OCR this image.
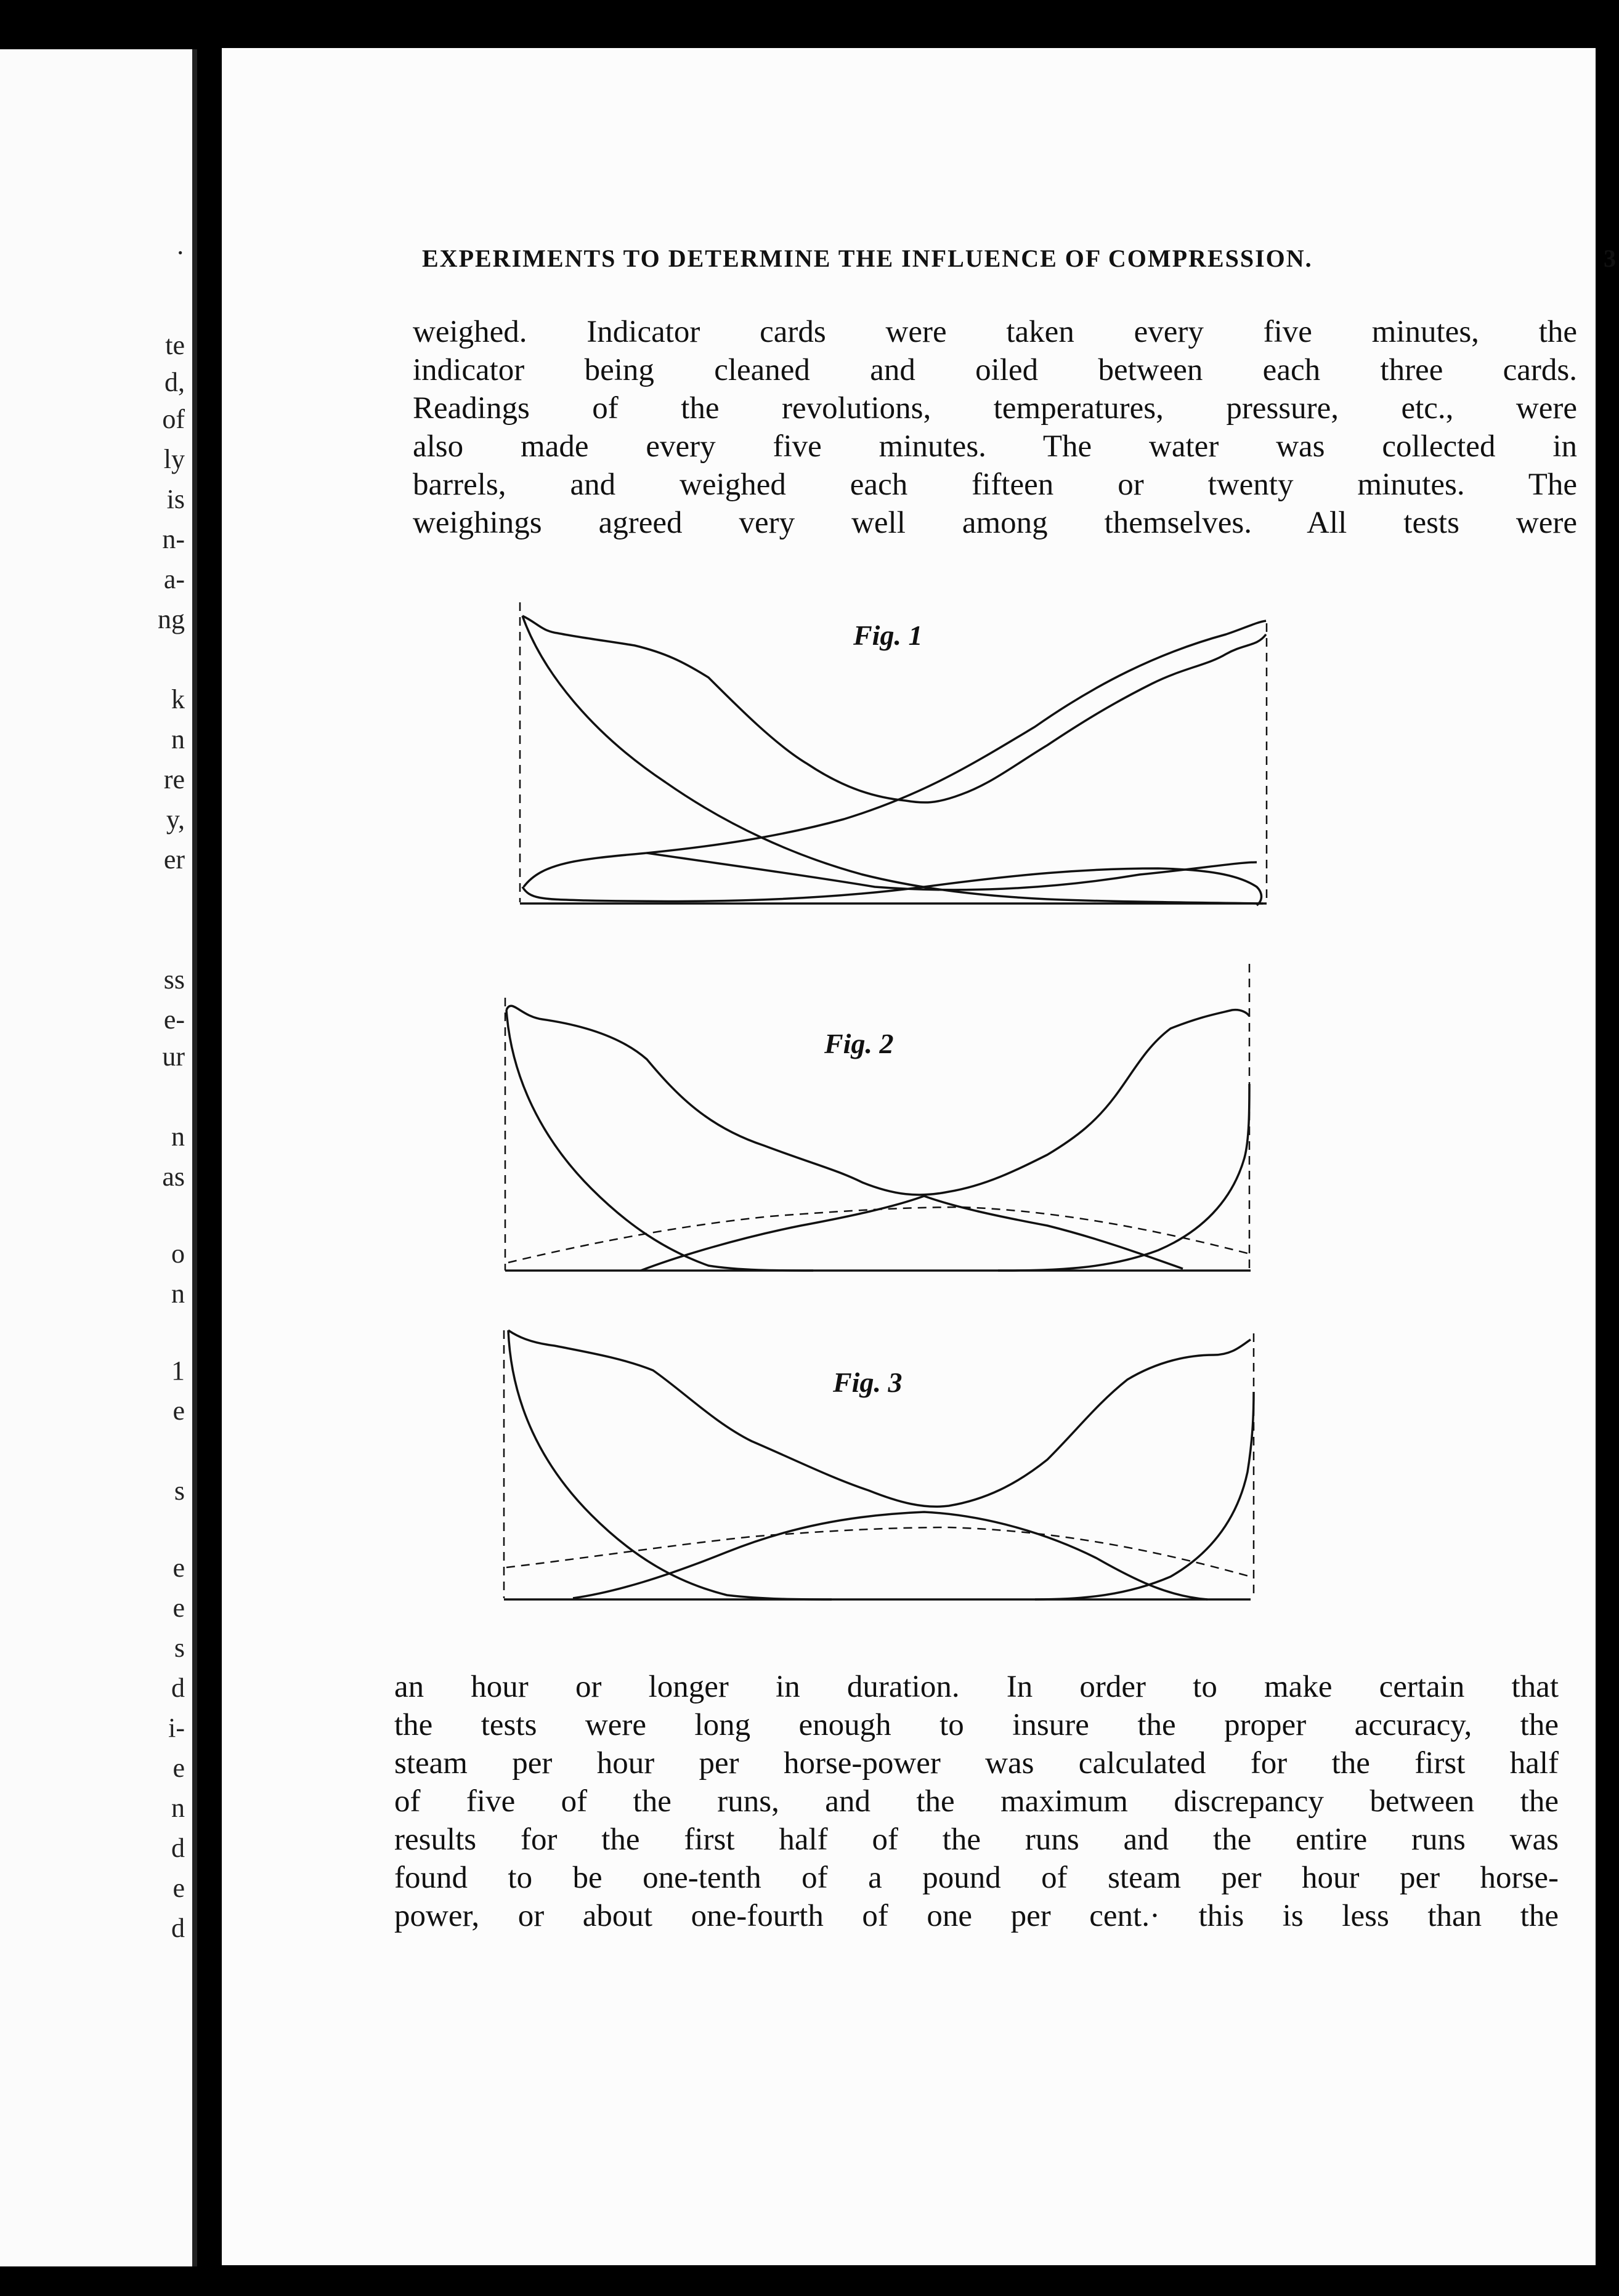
·
te
d,
of
ly
is
n-
a-
ng
k
n
re
y,
er
ss
e-
ur
n
as
o
n
1
e
s
e
e
s
d
i-
e
n
d
e
d
EXPERIMENTS TO DETERMINE THE INFLUENCE OF COMPRESSION.	3

weighed. Indicator cards were taken every five minutes, the
indicator being cleaned and oiled between each three cards.
Readings of the revolutions, temperatures, pressure, etc., were
also made every five minutes. The water was collected in
barrels, and weighed each fifteen or twenty minutes. The
weighings agreed very well among themselves. All tests were

an hour or longer in duration. In order to make certain that
the tests were long enough to insure the proper accuracy, the
steam per hour per horse-power was calculated for the first half
of five of the runs, and the maximum discrepancy between the
results for the first half of the runs and the entire runs was
found to be one-tenth of a pound of steam per hour per horse-
power, or about one-fourth of one per cent.· this is less than the

Fig. 1
Fig. 2
Fig. 3
